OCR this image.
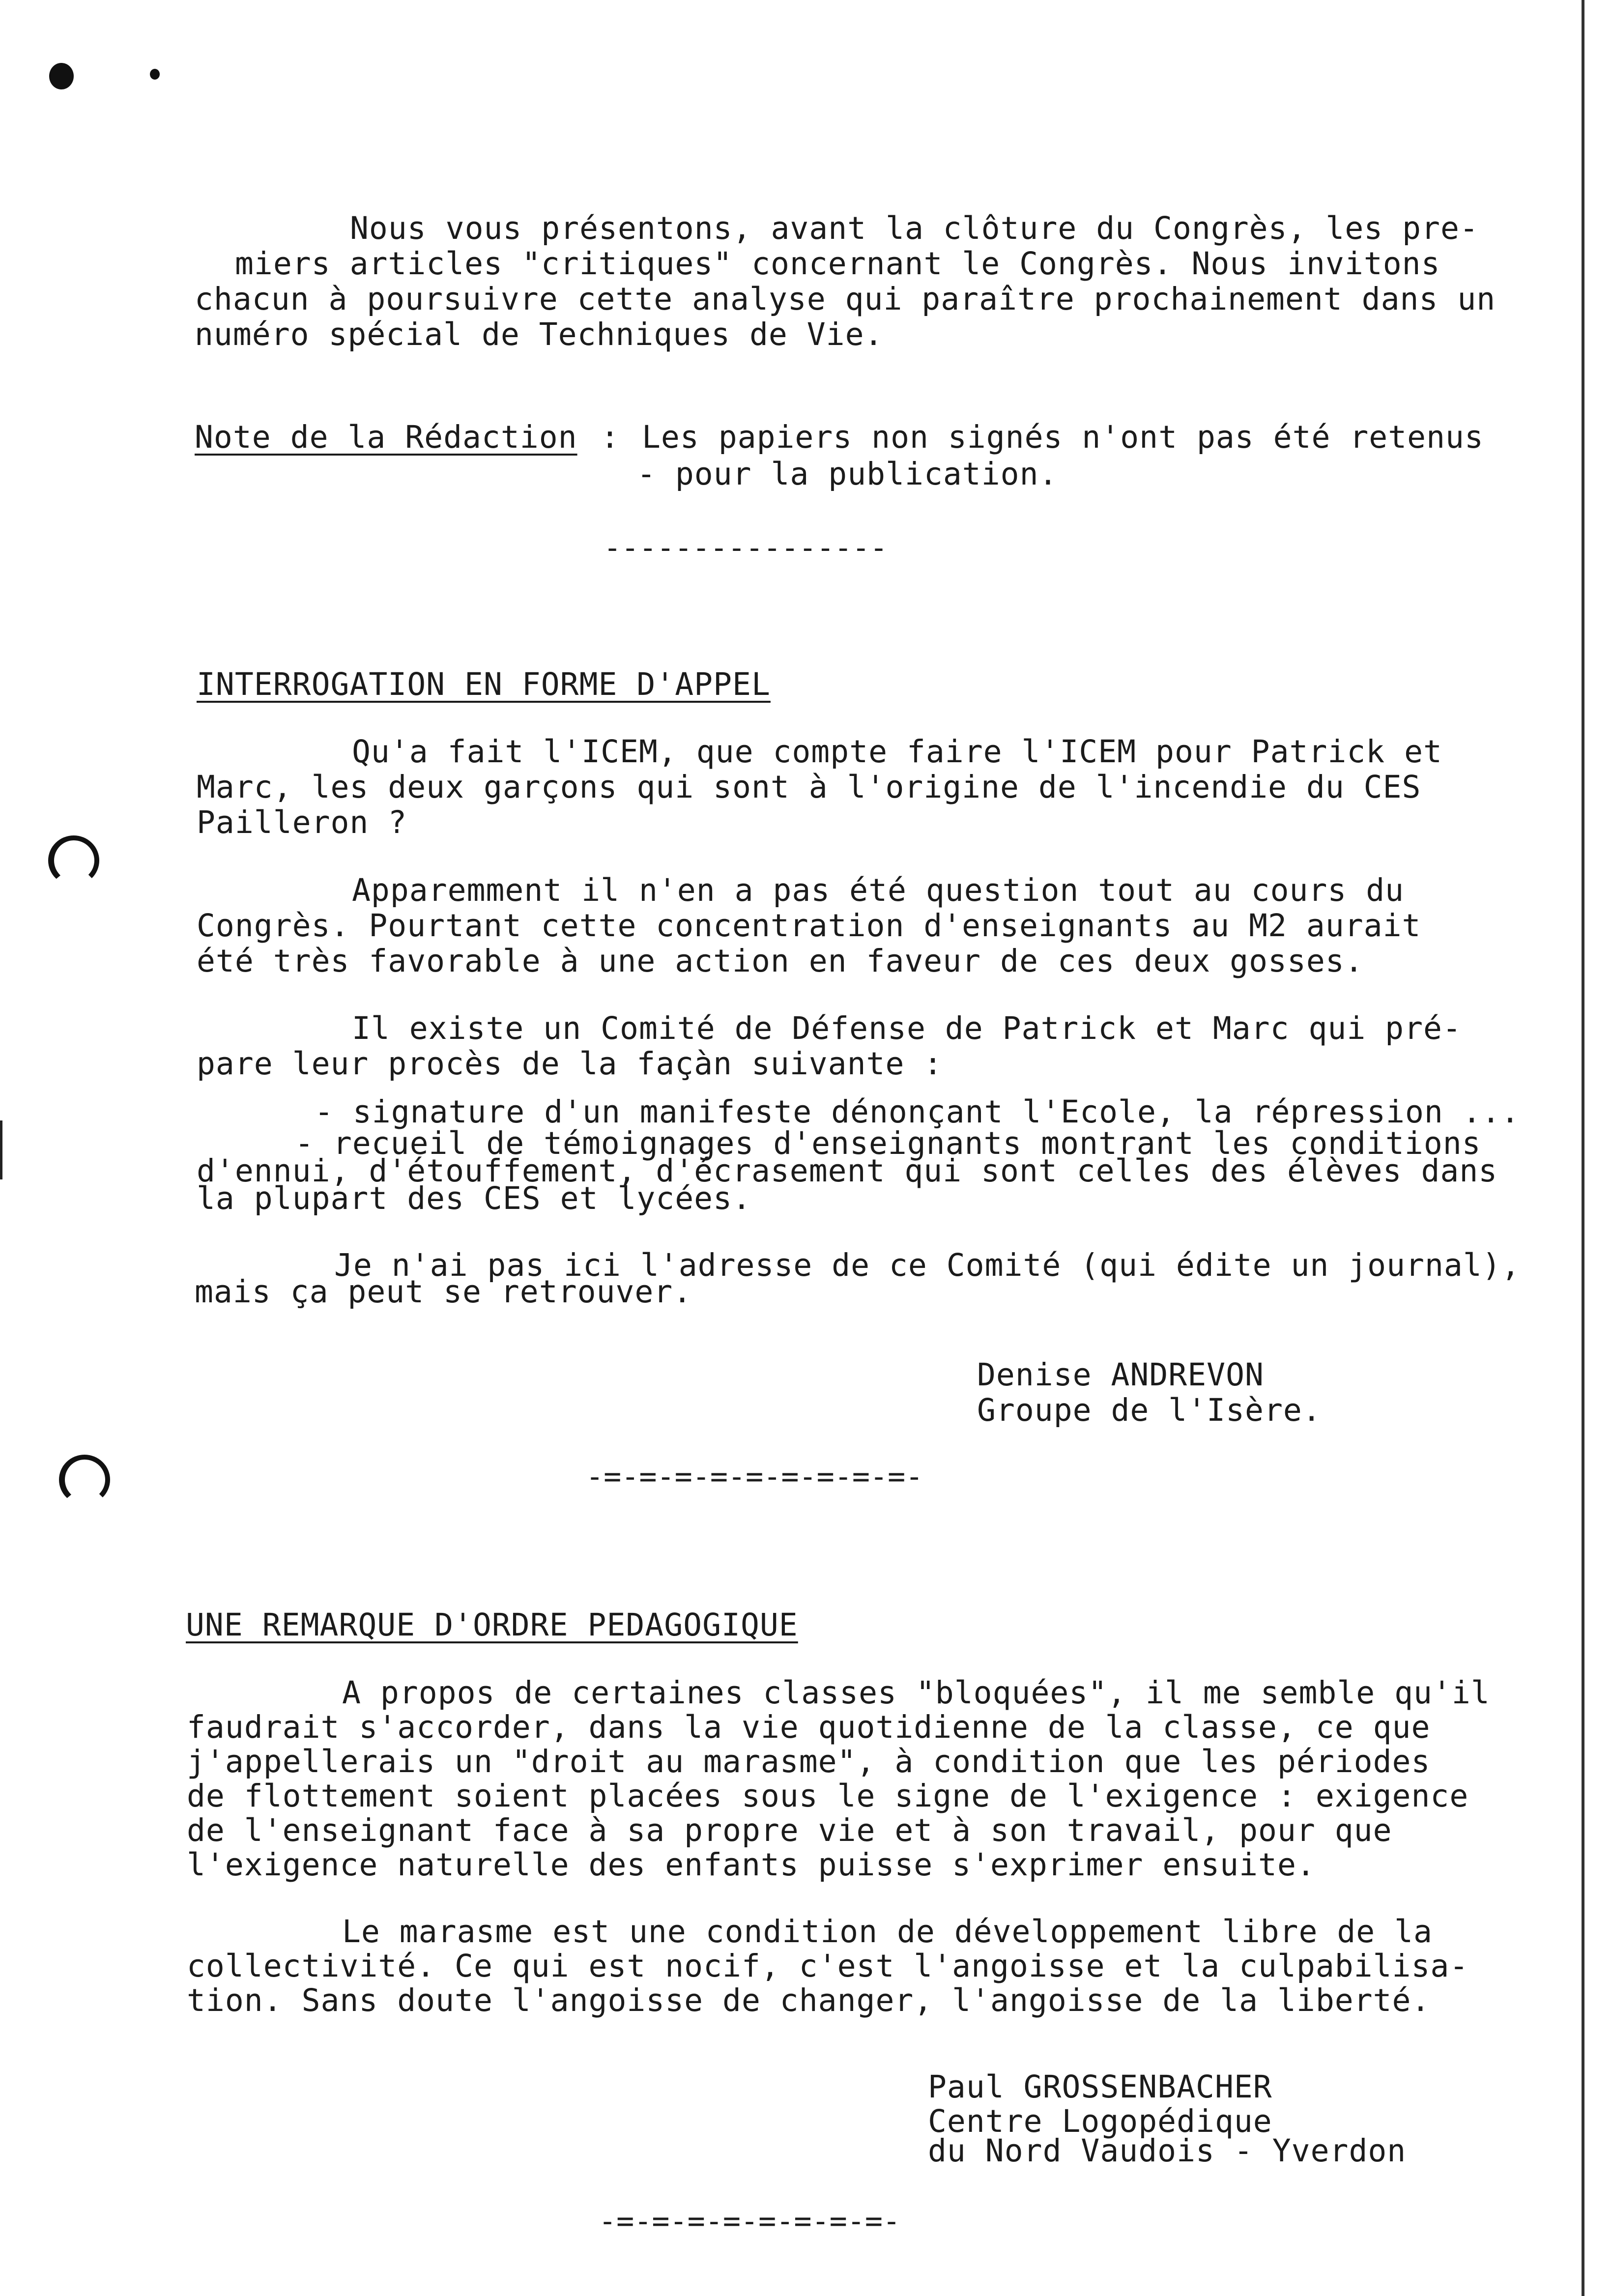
Nous vous présentons, avant la clôture du Congrès, les pre-
miers articles "critiques" concernant le Congrès. Nous invitons
chacun à poursuivre cette analyse qui paraître prochainement dans un
numéro spécial de Techniques de Vie.
Note de la Rédaction : Les papiers non signés n'ont pas été retenus
- pour la publication.
----------------
INTERROGATION EN FORME D'APPEL
Qu'a fait l'ICEM, que compte faire l'ICEM pour Patrick et
Marc, les deux garçons qui sont à l'origine de l'incendie du CES
Pailleron ?
Apparemment il n'en a pas été question tout au cours du
Congrès. Pourtant cette concentration d'enseignants au M2 aurait
été très favorable à une action en faveur de ces deux gosses.
Il existe un Comité de Défense de Patrick et Marc qui pré-
pare leur procès de la façàn suivante :
- signature d'un manifeste dénonçant l'Ecole, la répression ...
- recueil de témoignages d'enseignants montrant les conditions
d'ennui, d'étouffement, d'écrasement qui sont celles des élèves dans
la plupart des CES et lycées.
Je n'ai pas ici l'adresse de ce Comité (qui édite un journal),
mais ça peut se retrouver.
Denise ANDREVON
Groupe de l'Isère.
-=-=-=-=-=-=-=-=-=-
UNE REMARQUE D'ORDRE PEDAGOGIQUE
A propos de certaines classes "bloquées", il me semble qu'il
faudrait s'accorder, dans la vie quotidienne de la classe, ce que
j'appellerais un "droit au marasme", à condition que les périodes
de flottement soient placées sous le signe de l'exigence : exigence
de l'enseignant face à sa propre vie et à son travail, pour que
l'exigence naturelle des enfants puisse s'exprimer ensuite.
Le marasme est une condition de développement libre de la
collectivité. Ce qui est nocif, c'est l'angoisse et la culpabilisa-
tion. Sans doute l'angoisse de changer, l'angoisse de la liberté.
Paul GROSSENBACHER
Centre Logopédique
du Nord Vaudois - Yverdon
-=-=-=-=-=-=-=-=-
